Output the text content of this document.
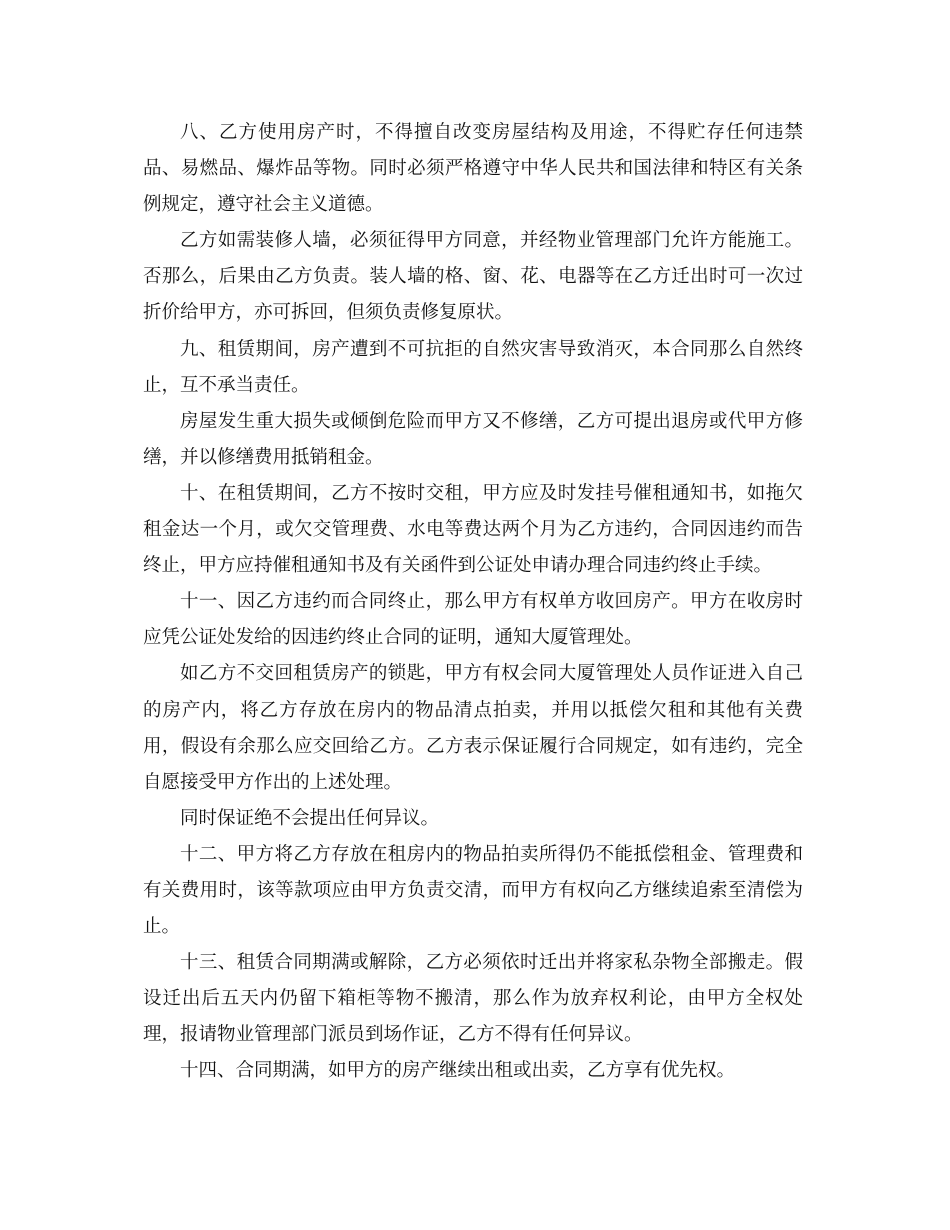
八、乙方使用房产时，不得擅自改变房屋结构及用途，不得贮存任何违禁品、易燃品、爆炸品等物。同时必须严格遵守中华人民共和国法律和特区有关条例规定，遵守社会主义道德。

乙方如需装修人墙，必须征得甲方同意，并经物业管理部门允许方能施工。否那么，后果由乙方负责。装人墙的格、窗、花、电器等在乙方迁出时可一次过折价给甲方，亦可拆回，但须负责修复原状。

九、租赁期间，房产遭到不可抗拒的自然灾害导致消灭，本合同那么自然终止，互不承当责任。

房屋发生重大损失或倾倒危险而甲方又不修缮，乙方可提出退房或代甲方修缮，并以修缮费用抵销租金。

十、在租赁期间，乙方不按时交租，甲方应及时发挂号催租通知书，如拖欠租金达一个月，或欠交管理费、水电等费达两个月为乙方违约，合同因违约而告终止，甲方应持催租通知书及有关函件到公证处申请办理合同违约终止手续。

十一、因乙方违约而合同终止，那么甲方有权单方收回房产。甲方在收房时应凭公证处发给的因违约终止合同的证明，通知大厦管理处。

如乙方不交回租赁房产的锁匙，甲方有权会同大厦管理处人员作证进入自己的房产内，将乙方存放在房内的物品清点拍卖，并用以抵偿欠租和其他有关费用，假设有余那么应交回给乙方。乙方表示保证履行合同规定，如有违约，完全自愿接受甲方作出的上述处理。

同时保证绝不会提出任何异议。

十二、甲方将乙方存放在租房内的物品拍卖所得仍不能抵偿租金、管理费和有关费用时，该等款项应由甲方负责交清，而甲方有权向乙方继续追索至清偿为止。

十三、租赁合同期满或解除，乙方必须依时迁出并将家私杂物全部搬走。假设迁出后五天内仍留下箱柜等物不搬清，那么作为放弃权利论，由甲方全权处理，报请物业管理部门派员到场作证，乙方不得有任何异议。

十四、合同期满，如甲方的房产继续出租或出卖，乙方享有优先权。
